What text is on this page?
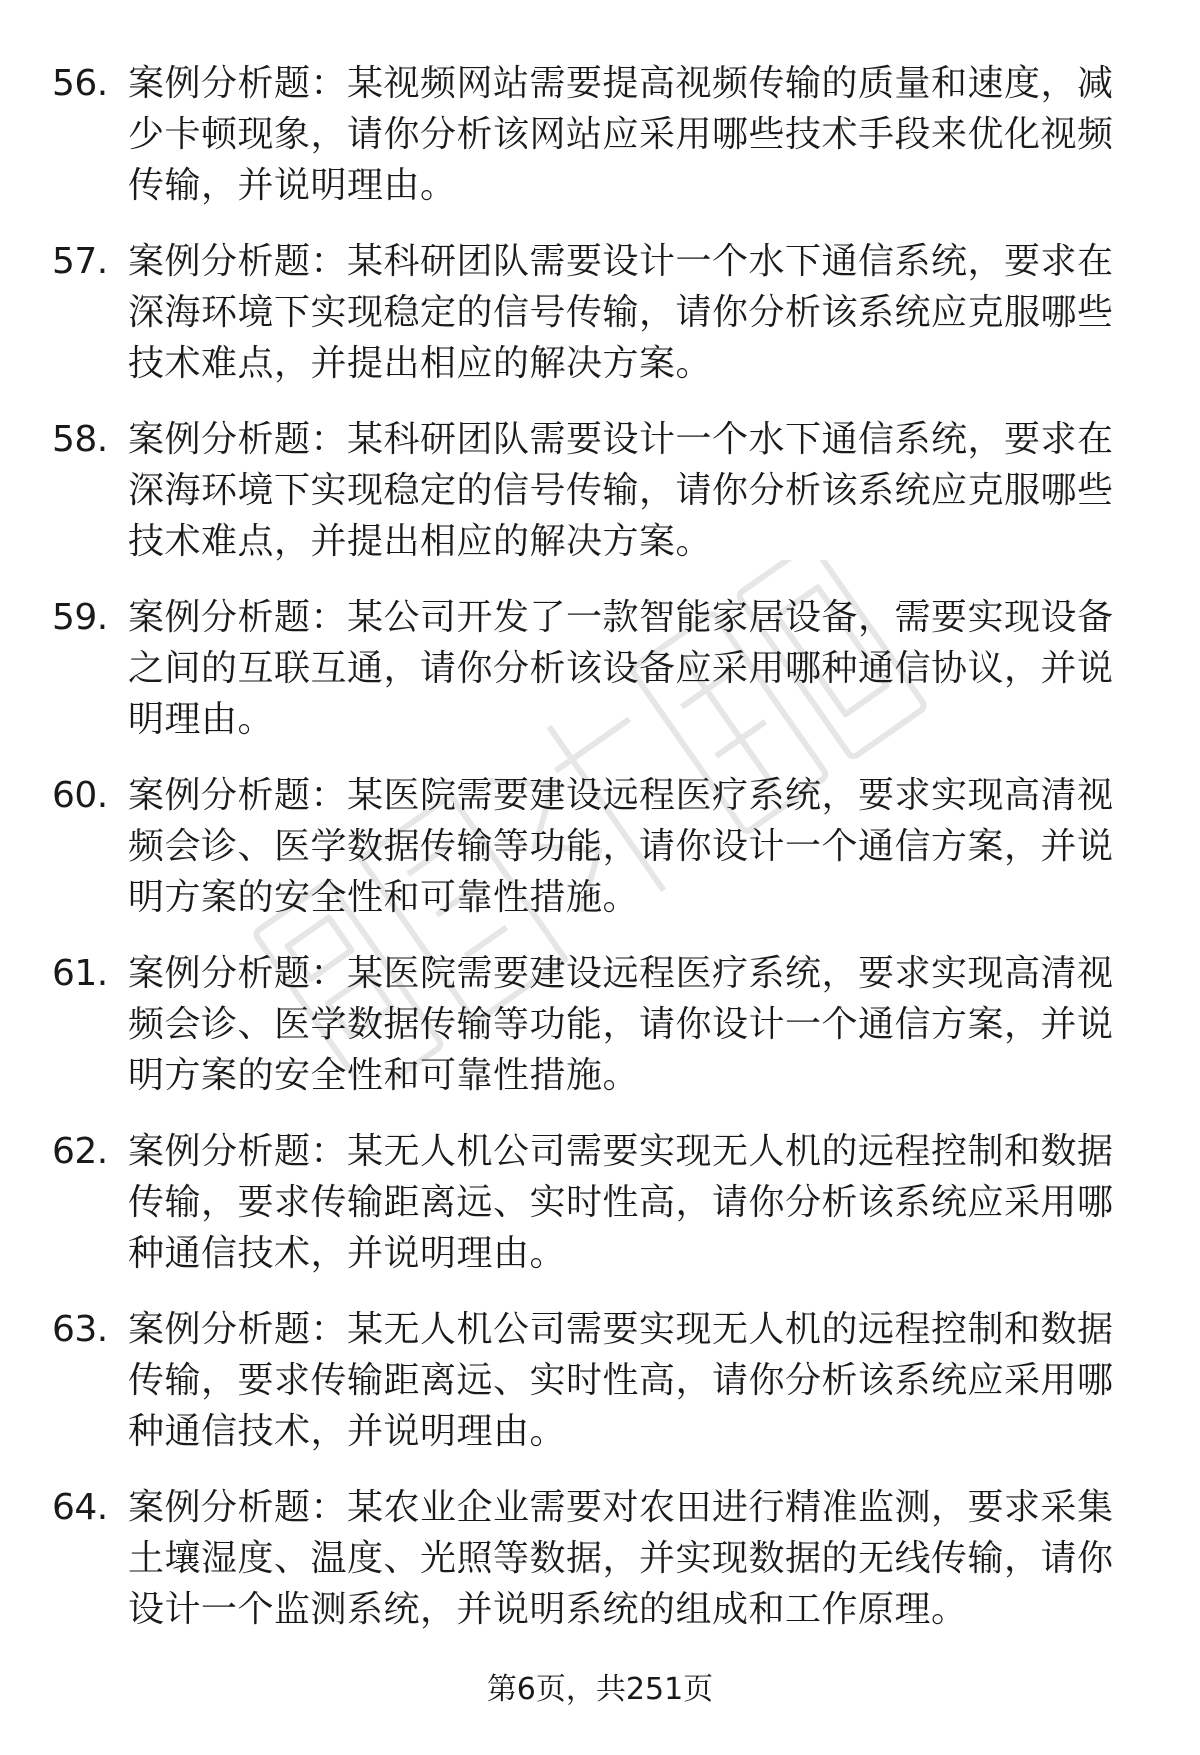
56. 案例分析题：某视频网站需要提高视频传输的质量和速度，减少卡顿现象，请你分析该网站应采用哪些技术手段来优化视频传输，并说明理由。
57. 案例分析题：某科研团队需要设计一个水下通信系统，要求在深海环境下实现稳定的信号传输，请你分析该系统应克服哪些技术难点，并提出相应的解决方案。
58. 案例分析题：某科研团队需要设计一个水下通信系统，要求在深海环境下实现稳定的信号传输，请你分析该系统应克服哪些技术难点，并提出相应的解决方案。
59. 案例分析题：某公司开发了一款智能家居设备，需要实现设备之间的互联互通，请你分析该设备应采用哪种通信协议，并说明理由。
60. 案例分析题：某医院需要建设远程医疗系统，要求实现高清视频会诊、医学数据传输等功能，请你设计一个通信方案，并说明方案的安全性和可靠性措施。
61. 案例分析题：某医院需要建设远程医疗系统，要求实现高清视频会诊、医学数据传输等功能，请你设计一个通信方案，并说明方案的安全性和可靠性措施。
62. 案例分析题：某无人机公司需要实现无人机的远程控制和数据传输，要求传输距离远、实时性高，请你分析该系统应采用哪种通信技术，并说明理由。
63. 案例分析题：某无人机公司需要实现无人机的远程控制和数据传输，要求传输距离远、实时性高，请你分析该系统应采用哪种通信技术，并说明理由。
64. 案例分析题：某农业企业需要对农田进行精准监测，要求采集土壤湿度、温度、光照等数据，并实现数据的无线传输，请你设计一个监测系统，并说明系统的组成和工作原理。
第6页，共251页
